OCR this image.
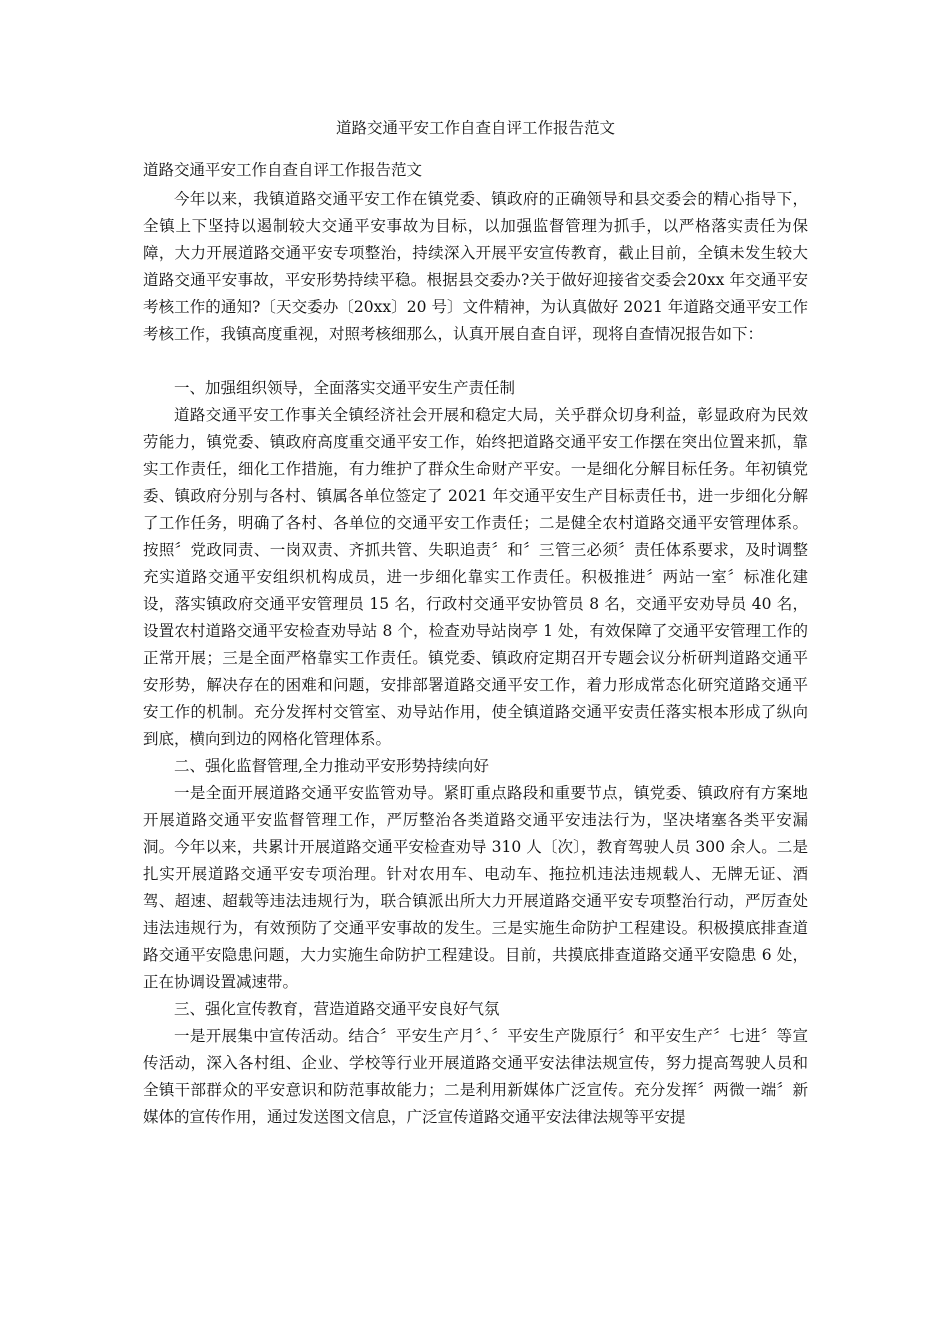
道路交通平安工作自查自评工作报告范文
道路交通平安工作自查自评工作报告范文

今年以来，我镇道路交通平安工作在镇党委、镇政府的正确领导和县交委会的精心指导下，全镇上下坚持以遏制较大交通平安事故为目标，以加强监督管理为抓手，以严格落实责任为保障，大力开展道路交通平安专项整治，持续深入开展平安宣传教育，截止目前，全镇未发生较大道路交通平安事故，平安形势持续平稳。根据县交委办?关于做好迎接省交委会20xx 年交通平安考核工作的通知?〔天交委办〔20xx〕20 号〕文件精神，为认真做好 2021 年道路交通平安工作考核工作，我镇高度重视，对照考核细那么，认真开展自查自评，现将自查情况报告如下：

一、加强组织领导，全面落实交通平安生产责任制

道路交通平安工作事关全镇经济社会开展和稳定大局，关乎群众切身利益，彰显政府为民效劳能力，镇党委、镇政府高度重交通平安工作，始终把道路交通平安工作摆在突出位置来抓，靠实工作责任，细化工作措施，有力维护了群众生命财产平安。一是细化分解目标任务。年初镇党委、镇政府分别与各村、镇属各单位签定了 2021 年交通平安生产目标责任书，进一步细化分解了工作任务，明确了各村、各单位的交通平安工作责任；二是健全农村道路交通平安管理体系。按照〞党政同责、一岗双责、齐抓共管、失职追责〞和〞三管三必须〞责任体系要求，及时调整充实道路交通平安组织机构成员，进一步细化靠实工作责任。积极推进〞两站一室〞标准化建设，落实镇政府交通平安管理员 15 名，行政村交通平安协管员 8 名，交通平安劝导员 40 名，设置农村道路交通平安检查劝导站 8 个，检查劝导站岗亭 1 处，有效保障了交通平安管理工作的正常开展；三是全面严格靠实工作责任。镇党委、镇政府定期召开专题会议分析研判道路交通平安形势，解决存在的困难和问题，安排部署道路交通平安工作，着力形成常态化研究道路交通平安工作的机制。充分发挥村交管室、劝导站作用，使全镇道路交通平安责任落实根本形成了纵向到底，横向到边的网格化管理体系。

二、强化监督管理,全力推动平安形势持续向好

一是全面开展道路交通平安监管劝导。紧盯重点路段和重要节点，镇党委、镇政府有方案地开展道路交通平安监督管理工作，严厉整治各类道路交通平安违法行为，坚决堵塞各类平安漏洞。今年以来，共累计开展道路交通平安检查劝导 310 人〔次〕，教育驾驶人员 300 余人。二是扎实开展道路交通平安专项治理。针对农用车、电动车、拖拉机违法违规载人、无牌无证、酒驾、超速、超载等违法违规行为，联合镇派出所大力开展道路交通平安专项整治行动，严厉查处违法违规行为，有效预防了交通平安事故的发生。三是实施生命防护工程建设。积极摸底排查道路交通平安隐患问题，大力实施生命防护工程建设。目前，共摸底排查道路交通平安隐患 6 处，正在协调设置减速带。

三、强化宣传教育，营造道路交通平安良好气氛

一是开展集中宣传活动。结合〞平安生产月〞、〞平安生产陇原行〞和平安生产〞七进〞等宣传活动，深入各村组、企业、学校等行业开展道路交通平安法律法规宣传，努力提高驾驶人员和全镇干部群众的平安意识和防范事故能力；二是利用新媒体广泛宣传。充分发挥〞两微一端〞新媒体的宣传作用，通过发送图文信息，广泛宣传道路交通平安法律法规等平安提
